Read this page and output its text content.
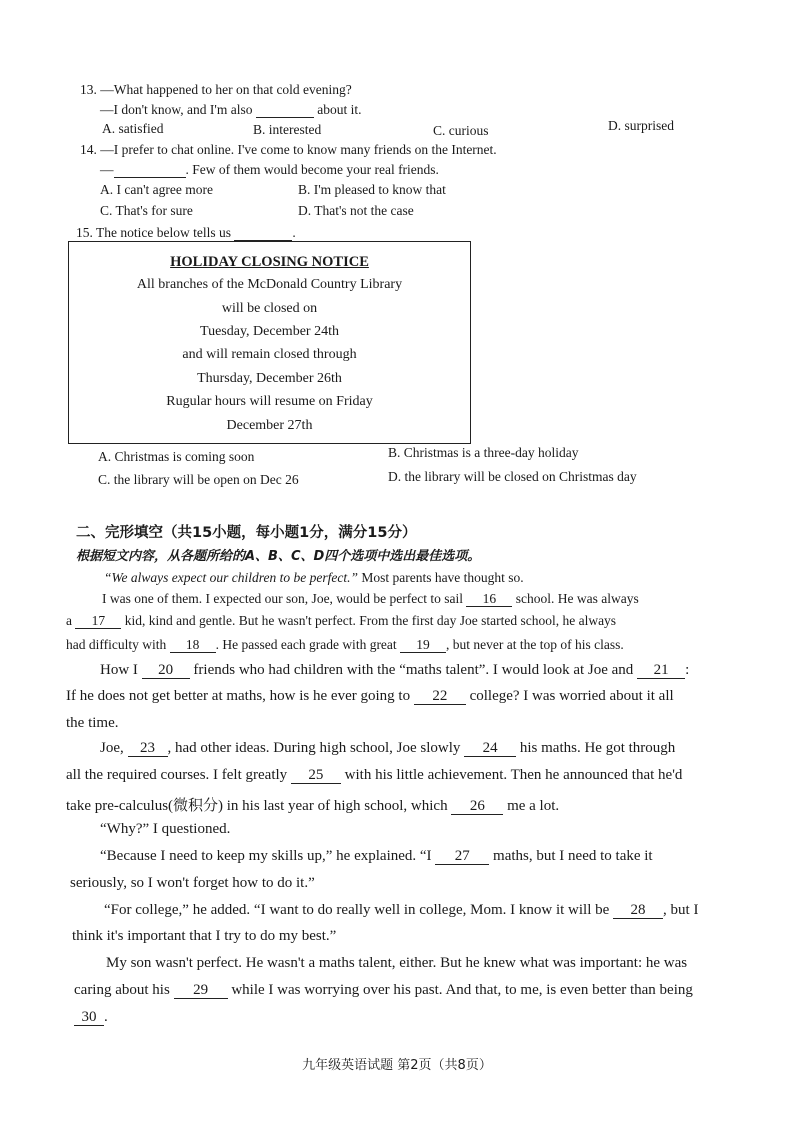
13. —What happened to her on that cold evening?
—I don't know, and I'm also	about it.
A. satisfied	B. interested	C. curious	D. surprised
14. —I prefer to chat online. I've come to know many friends on the Internet.
—	. Few of them would become your real friends.
A. I can't agree more	B. I'm pleased to know that
C. That's for sure	D. That's not the case
15. The notice below tells us	.
HOLIDAY CLOSING NOTICE
All branches of the McDonald Country Library
will be closed on
Tuesday, December 24th
and will remain closed through
Thursday, December 26th
Rugular hours will resume on Friday
December 27th
A. Christmas is coming soon	B. Christmas is a three-day holiday
C. the library will be open on Dec 26	D. the library will be closed on Christmas day
二、完形填空（共15小题，每小题1分，满分15分）
根据短文内容，从各题所给的A、B、C、D四个选项中选出最佳选项。
“We always expect our children to be perfect.” Most parents have thought so.
I was one of them. I expected our son, Joe, would be perfect to sail 16 school. He was always
a 17 kid, kind and gentle. But he wasn't perfect. From the first day Joe started school, he always
had difficulty with 18 . He passed each grade with great 19 , but never at the top of his class.
How I 20 friends who had children with the “maths talent”. I would look at Joe and 21 :
If he does not get better at maths, how is he ever going to 22 college? I was worried about it all
the time.
Joe, 23 , had other ideas. During high school, Joe slowly 24 his maths. He got through
all the required courses. I felt greatly 25 with his little achievement. Then he announced that he'd
take pre-calculus(微积分) in his last year of high school, which 26 me a lot.
“Why?” I questioned.
“Because I need to keep my skills up,” he explained. “I 27 maths, but I need to take it
seriously, so I won't forget how to do it.”
“For college,” he added. “I want to do really well in college, Mom. I know it will be 28 , but I
think it's important that I try to do my best.”
My son wasn't perfect. He wasn't a maths talent, either. But he knew what was important: he was
caring about his 29 while I was worrying over his past. And that, to me, is even better than being
30 .
九年级英语试题 第2页（共8页）
